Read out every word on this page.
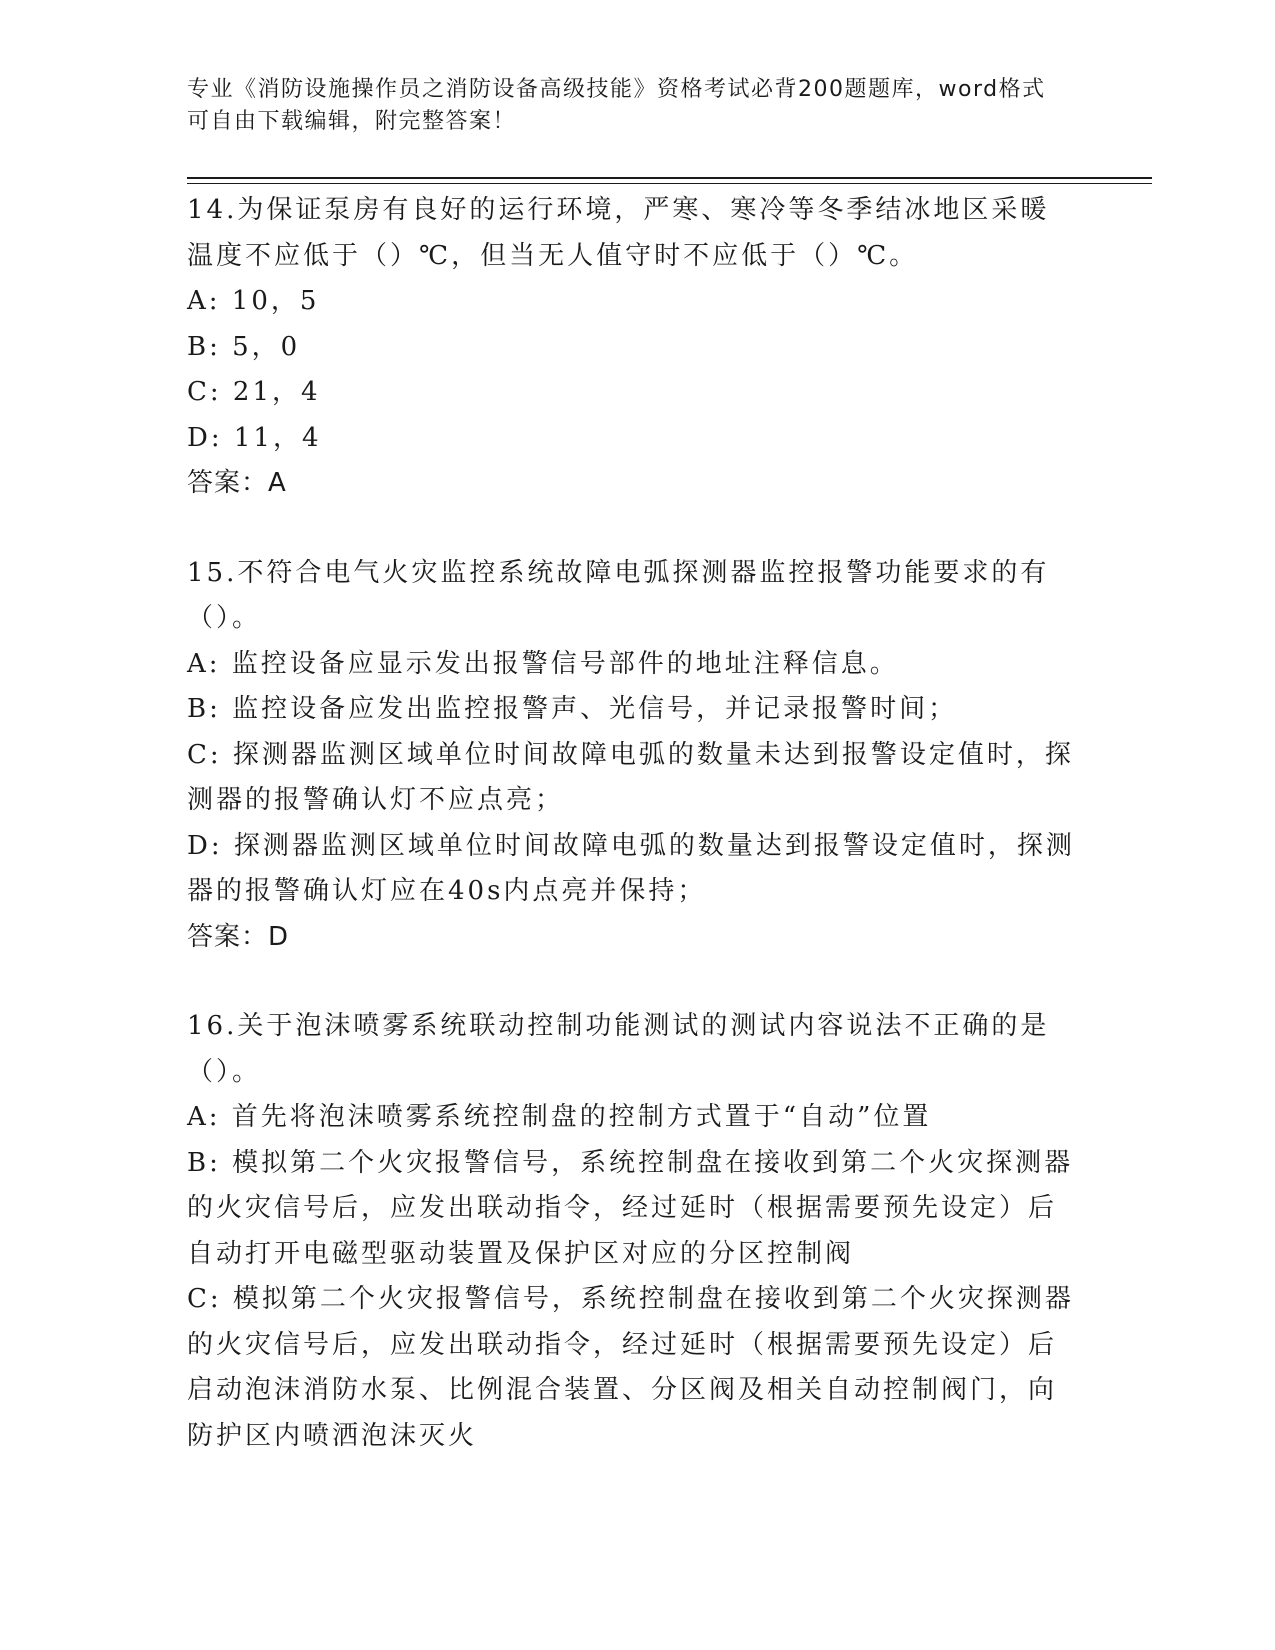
专业《消防设施操作员之消防设备高级技能》资格考试必背200题题库，word格式可自由下载编辑，附完整答案！
14.为保证泵房有良好的运行环境，严寒、寒冷等冬季结冰地区采暖温度不应低于（）℃，但当无人值守时不应低于（）℃。
A: 10，5
B: 5，0
C: 21，4
D: 11，4
答案：A
15.不符合电气火灾监控系统故障电弧探测器监控报警功能要求的有（）。
A: 监控设备应显示发出报警信号部件的地址注释信息。
B: 监控设备应发出监控报警声、光信号，并记录报警时间；
C: 探测器监测区域单位时间故障电弧的数量未达到报警设定值时，探测器的报警确认灯不应点亮；
D: 探测器监测区域单位时间故障电弧的数量达到报警设定值时，探测器的报警确认灯应在40s内点亮并保持；
答案：D
16.关于泡沫喷雾系统联动控制功能测试的测试内容说法不正确的是（）。
A: 首先将泡沫喷雾系统控制盘的控制方式置于“自动”位置
B: 模拟第二个火灾报警信号，系统控制盘在接收到第二个火灾探测器的火灾信号后，应发出联动指令，经过延时（根据需要预先设定）后自动打开电磁型驱动装置及保护区对应的分区控制阀
C: 模拟第二个火灾报警信号，系统控制盘在接收到第二个火灾探测器的火灾信号后，应发出联动指令，经过延时（根据需要预先设定）后启动泡沫消防水泵、比例混合装置、分区阀及相关自动控制阀门，向防护区内喷洒泡沫灭火
